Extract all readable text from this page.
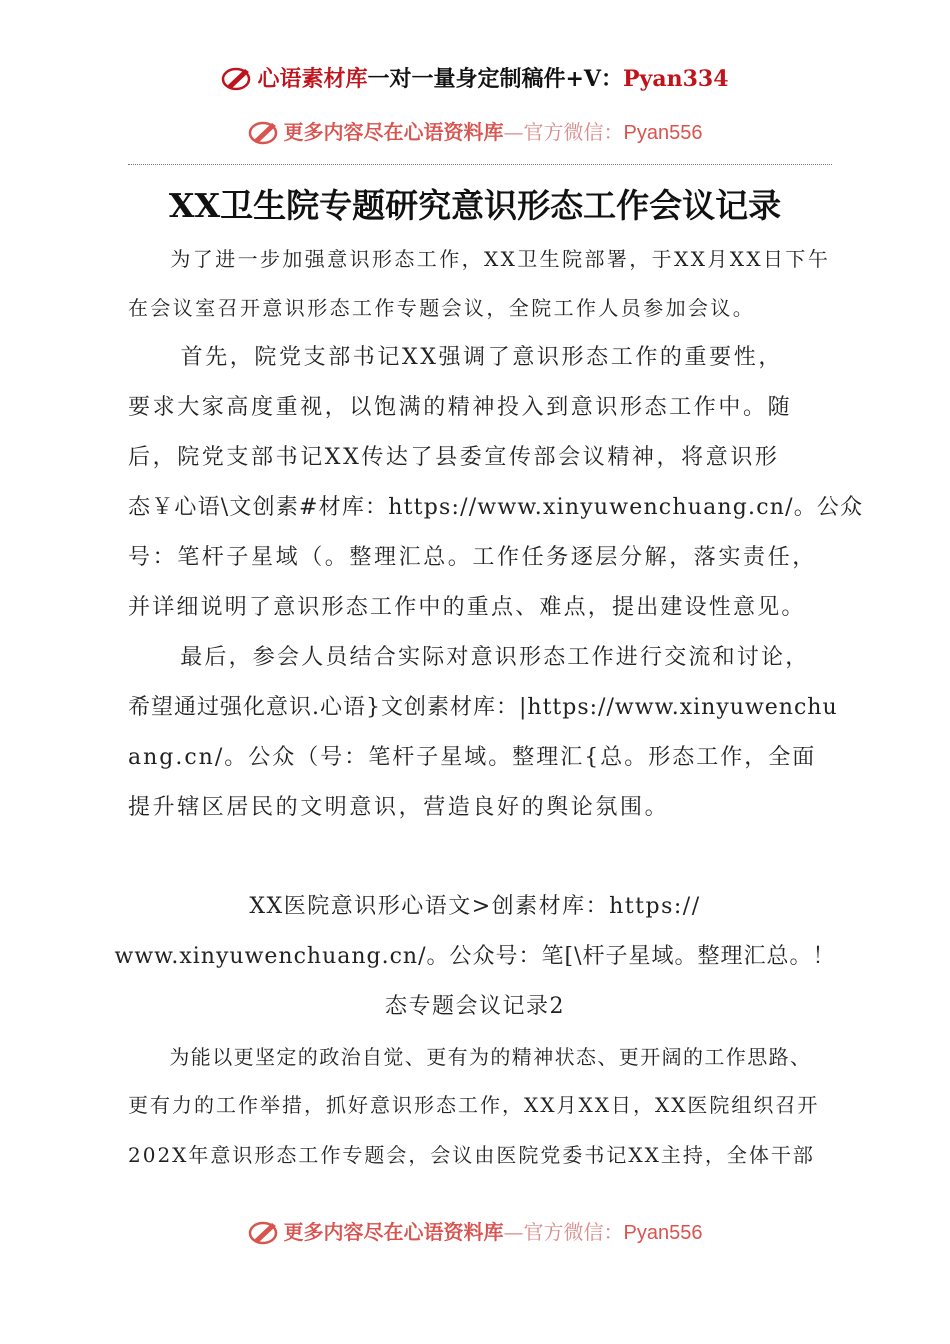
心语素材库一对一量身定制稿件+V：Pyan334
更多内容尽在心语资料库—官方微信：Pyan556
XX卫生院专题研究意识形态工作会议记录
　为了进一步加强意识形态工作，XX卫生院部署，于XX月XX日下午
在会议室召开意识形态工作专题会议，全院工作人员参加会议。
　首先，院党支部书记XX强调了意识形态工作的重要性，
要求大家高度重视，以饱满的精神投入到意识形态工作中。随
后，院党支部书记XX传达了县委宣传部会议精神，将意识形
态￥心语\文创素#材库：https://www.xinyuwenchuang.cn/。公众
号：笔杆子星域（。整理汇总。工作任务逐层分解，落实责任，
并详细说明了意识形态工作中的重点、难点，提出建设性意见。
　最后，参会人员结合实际对意识形态工作进行交流和讨论，
希望通过强化意识.心语}文创素材库：|https://www.xinyuwenchu
ang.cn/。公众（号：笔杆子星域。整理汇{总。形态工作，全面
提升辖区居民的文明意识，营造良好的舆论氛围。
XX医院意识形心语文>创素材库：https://
www.xinyuwenchuang.cn/。公众号：笔[\杆子星域。整理汇总。！
态专题会议记录2
　为能以更坚定的政治自觉、更有为的精神状态、更开阔的工作思路、
更有力的工作举措，抓好意识形态工作，XX月XX日，XX医院组织召开
202X年意识形态工作专题会，会议由医院党委书记XX主持，全体干部
更多内容尽在心语资料库—官方微信：Pyan556
